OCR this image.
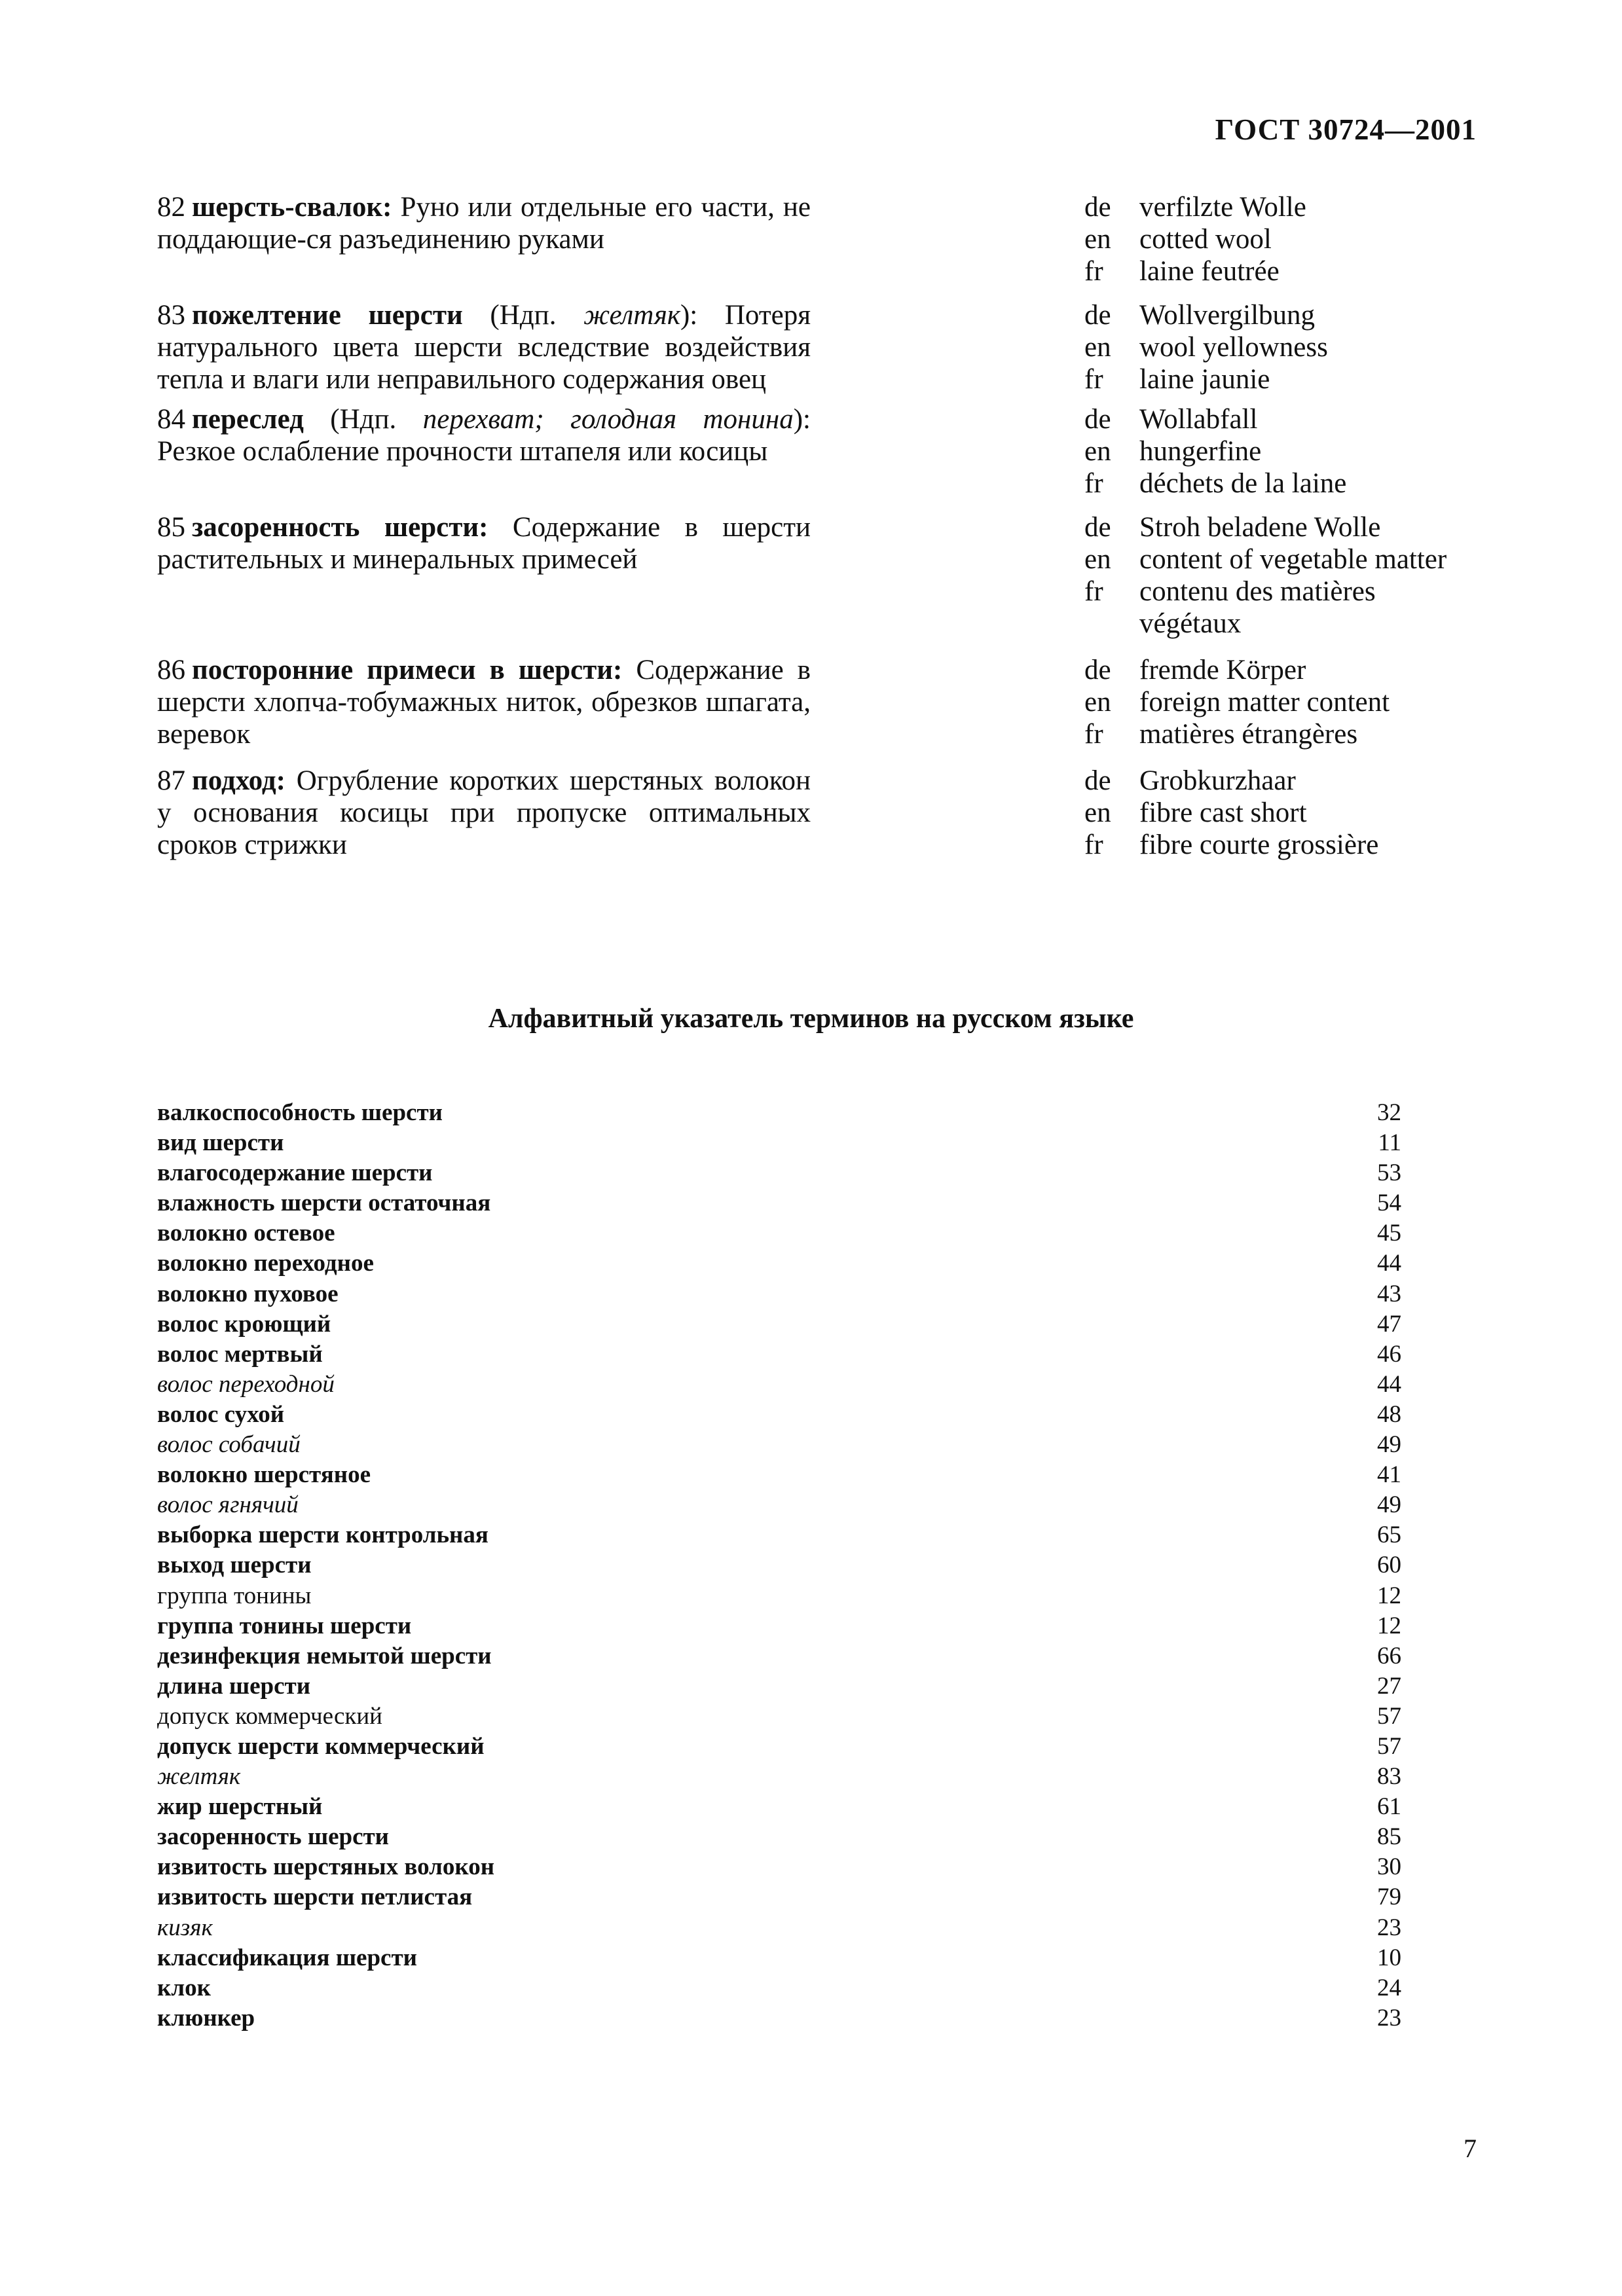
ГОСТ 30724—2001
82 шерсть-свалок: Руно или отдельные его части, не поддающие-ся разъединению руками
de	verfilzte Wolle
en	cotted wool
fr	laine feutrée
83 пожелтение шерсти (Ндп. желтяк): Потеря натурального цвета шерсти вследствие воздействия тепла и влаги или неправильного содержания овец
de	Wollvergilbung
en	wool yellowness
fr	laine jaunie
84 переслед (Ндп. перехват; голодная тонина): Резкое ослабление прочности штапеля или косицы
de	Wollabfall
en	hungerfine
fr	déchets de la laine
85 засоренность шерсти: Содержание в шерсти растительных и минеральных примесей
de	Stroh beladene Wolle
en	content of vegetable matter
fr	contenu des matières végétaux
86 посторонние примеси в шерсти: Содержание в шерсти хлопча-тобумажных ниток, обрезков шпагата, веревок
de	fremde Körper
en	foreign matter content
fr	matières étrangères
87 подход: Огрубление коротких шерстяных волокон у основания косицы при пропуске оптимальных сроков стрижки
de	Grobkurzhaar
en	fibre cast short
fr	fibre courte grossière
Алфавитный указатель терминов на русском языке
валкоспособность шерсти	32
вид шерсти	11
влагосодержание шерсти	53
влажность шерсти остаточная	54
волокно остевое	45
волокно переходное	44
волокно пуховое	43
волос кроющий	47
волос мертвый	46
волос переходной	44
волос сухой	48
волос собачий	49
волокно шерстяное	41
волос ягнячий	49
выборка шерсти контрольная	65
выход шерсти	60
группа тонины	12
группа тонины шерсти	12
дезинфекция немытой шерсти	66
длина шерсти	27
допуск коммерческий	57
допуск шерсти коммерческий	57
желтяк	83
жир шерстный	61
засоренность шерсти	85
извитость шерстяных волокон	30
извитость шерсти петлистая	79
кизяк	23
классификация шерсти	10
клок	24
клюнкер	23
7
